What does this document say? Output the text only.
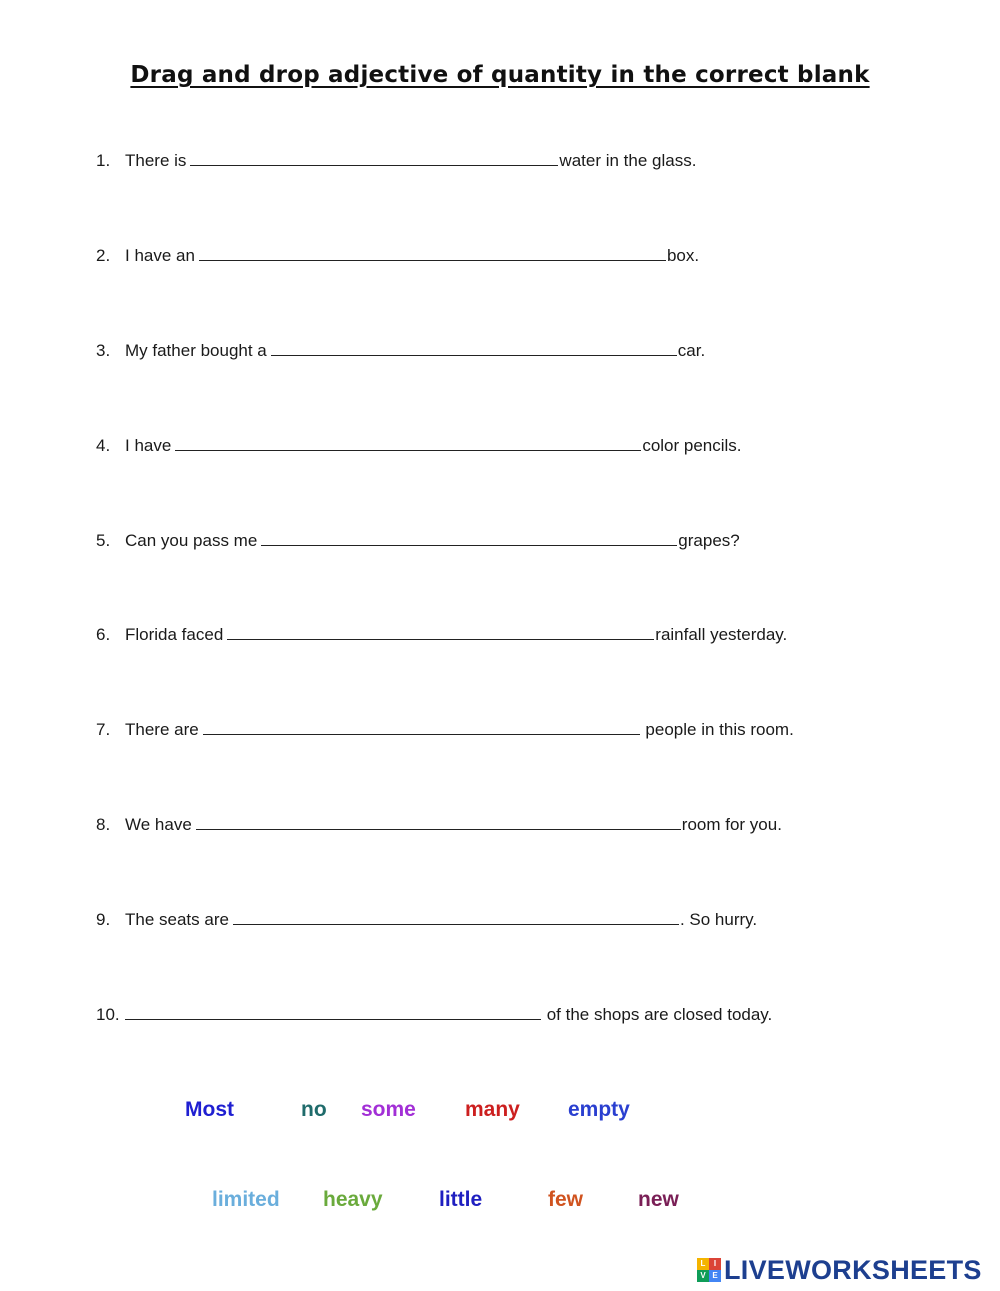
Drag and drop adjective of quantity in the correct blank
1. There is	water in the glass.
2. I have an	box.
3. My father bought a	car.
4. I have	color pencils.
5. Can you pass me	grapes?
6. Florida faced	rainfall yesterday.
7. There are	people in this room.
8. We have	room for you.
9. The seats are	. So hurry.
10.	of the shops are closed today.
Most	no some many empty
limited heavy	little	few	new
L	I
V E LIVEWORKSHEETS
